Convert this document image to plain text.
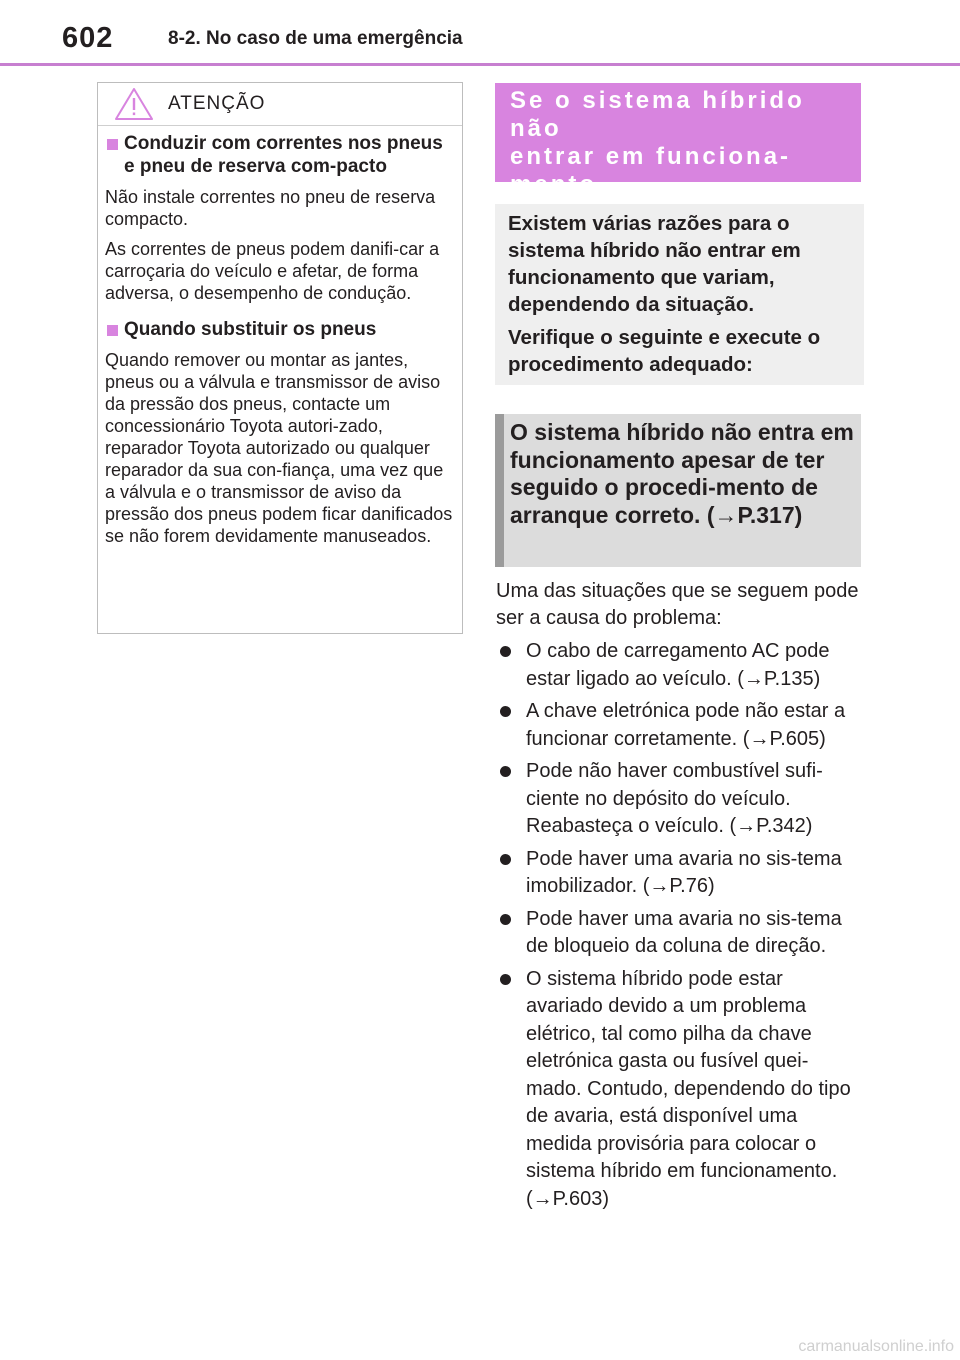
602	8-2. No caso de uma emergência
ATENÇÃO
Conduzir com correntes nos pneus e pneu de reserva com-pacto

Não instale correntes no pneu de reserva compacto.

As correntes de pneus podem danifi-car a carroçaria do veículo e afetar, de forma adversa, o desempenho de condução.

Quando substituir os pneus

Quando remover ou montar as jantes, pneus ou a válvula e transmissor de aviso da pressão dos pneus, contacte um concessionário Toyota autori-zado, reparador Toyota autorizado ou qualquer reparador da sua con-fiança, uma vez que a válvula e o transmissor de aviso da pressão dos pneus podem ficar danificados se não forem devidamente manuseados.

Se o sistema híbrido não
entrar em funciona-
mento

Existem várias razões para o sistema híbrido não entrar em funcionamento que variam, dependendo da situação.

Verifique o seguinte e execute o procedimento adequado:

O sistema híbrido não entra em funcionamento apesar de ter seguido o procedi-mento de arranque correto. (→P.317)
Uma das situações que se seguem pode ser a causa do problema:
O cabo de carregamento AC pode estar ligado ao veículo. (→P.135)
A chave eletrónica pode não estar a funcionar corretamente. (→P.605)
Pode não haver combustível sufi-ciente no depósito do veículo. Reabasteça o veículo. (→P.342)
Pode haver uma avaria no sis-tema imobilizador. (→P.76)
Pode haver uma avaria no sis-tema de bloqueio da coluna de direção.
O sistema híbrido pode estar avariado devido a um problema elétrico, tal como pilha da chave eletrónica gasta ou fusível quei-mado. Contudo, dependendo do tipo de avaria, está disponível uma medida provisória para colocar o sistema híbrido em funcionamento. (→P.603)
carmanualsonline.info
